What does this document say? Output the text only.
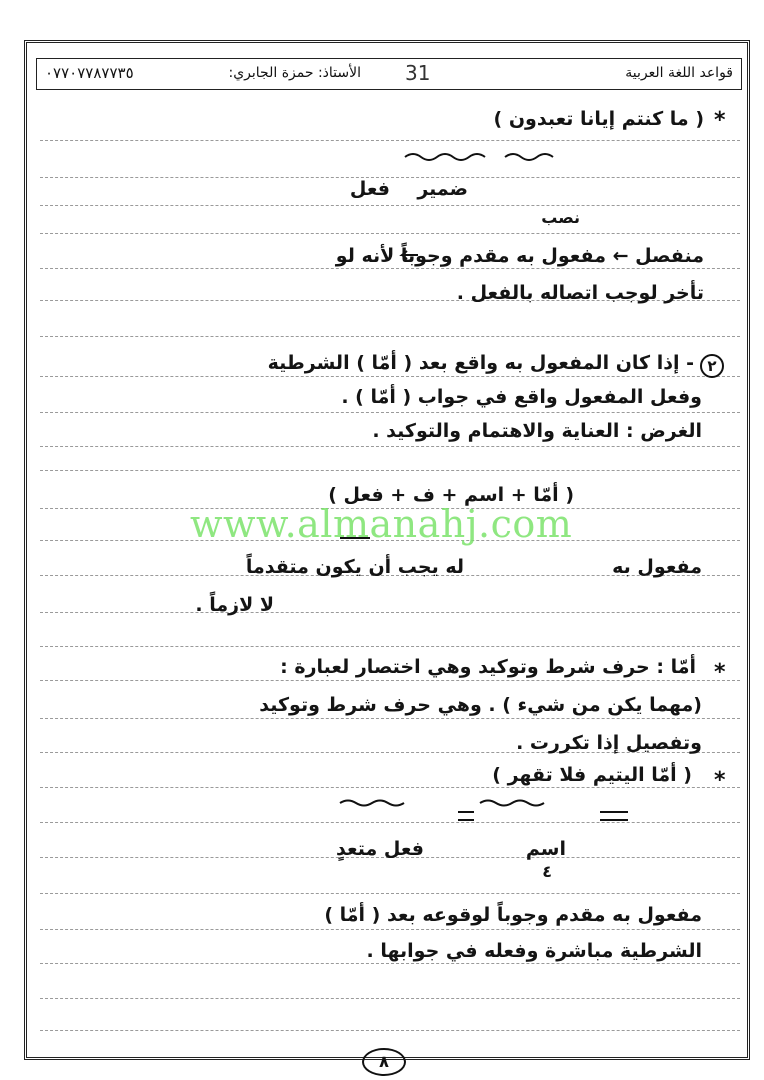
قواعد اللغة العربية
الأستاذ: حمزة الجابري: 31
٠٧٧٠٧٧٨٧٧٣٥
*
( ما كنتم إيانا تعبدون )
ضمير
فعل
نصب
منفصل ← مفعول به مقدم وجوباً لأنه لو
تأخر لوجب اتصاله بالفعل .
٢
- إذا كان المفعول به واقع بعد ( أمّا ) الشرطية
وفعل المفعول واقع في جواب ( أمّا ) .
الغرض : العناية والاهتمام والتوكيد .
( أمّا + اسم + ف + فعل )
مفعول به
له يجب أن يكون متقدماً
لا لازماً .
*
أمّا : حرف شرط وتوكيد وهي اختصار لعبارة :
(مهما يكن من شيء ) . وهي حرف شرط وتوكيد
وتفصيل إذا تكررت .
*
( أمّا اليتيم فلا تقهر )
اسم
٤
فعل متعدٍ
مفعول به مقدم وجوباً لوقوعه بعد ( أمّا )
الشرطية مباشرة وفعله في جوابها .
www.almanahj.com
٨
